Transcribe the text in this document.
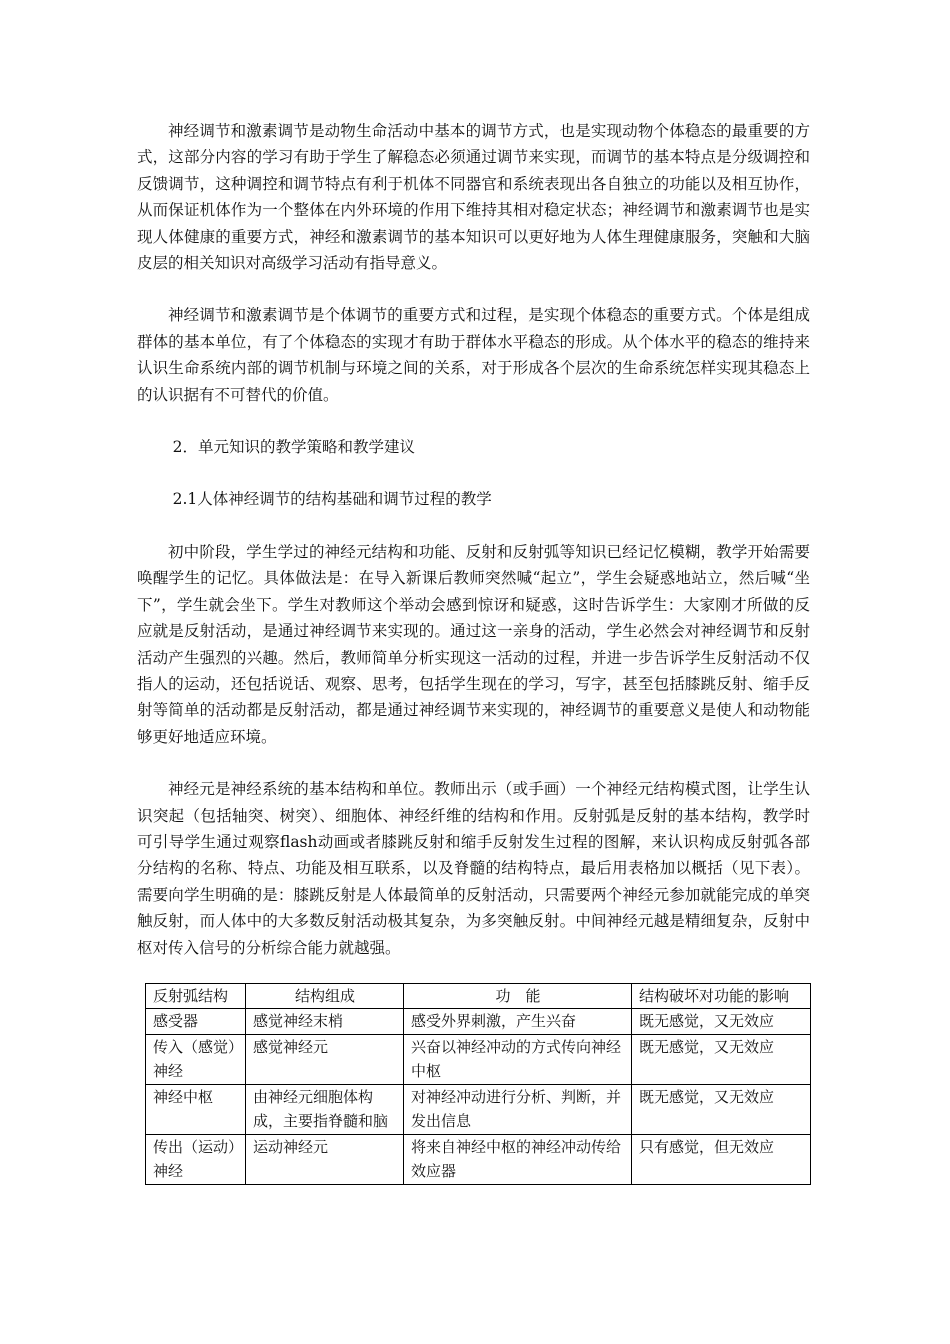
神经调节和激素调节是动物生命活动中基本的调节方式，也是实现动物个体稳态的最重要的方式，这部分内容的学习有助于学生了解稳态必须通过调节来实现，而调节的基本特点是分级调控和反馈调节，这种调控和调节特点有利于机体不同器官和系统表现出各自独立的功能以及相互协作，从而保证机体作为一个整体在内外环境的作用下维持其相对稳定状态；神经调节和激素调节也是实现人体健康的重要方式，神经和激素调节的基本知识可以更好地为人体生理健康服务，突触和大脑皮层的相关知识对高级学习活动有指导意义。

神经调节和激素调节是个体调节的重要方式和过程，是实现个体稳态的重要方式。个体是组成群体的基本单位，有了个体稳态的实现才有助于群体水平稳态的形成。从个体水平的稳态的维持来认识生命系统内部的调节机制与环境之间的关系，对于形成各个层次的生命系统怎样实现其稳态上的认识据有不可替代的价值。

2．单元知识的教学策略和教学建议

2.1人体神经调节的结构基础和调节过程的教学

初中阶段，学生学过的神经元结构和功能、反射和反射弧等知识已经记忆模糊，教学开始需要唤醒学生的记忆。具体做法是：在导入新课后教师突然喊“起立”，学生会疑惑地站立，然后喊“坐下”，学生就会坐下。学生对教师这个举动会感到惊讶和疑惑，这时告诉学生：大家刚才所做的反应就是反射活动，是通过神经调节来实现的。通过这一亲身的活动，学生必然会对神经调节和反射活动产生强烈的兴趣。然后，教师简单分析实现这一活动的过程，并进一步告诉学生反射活动不仅指人的运动，还包括说话、观察、思考，包括学生现在的学习，写字，甚至包括膝跳反射、缩手反射等简单的活动都是反射活动，都是通过神经调节来实现的，神经调节的重要意义是使人和动物能够更好地适应环境。

神经元是神经系统的基本结构和单位。教师出示（或手画）一个神经元结构模式图，让学生认识突起（包括轴突、树突）、细胞体、神经纤维的结构和作用。反射弧是反射的基本结构，教学时可引导学生通过观察flash动画或者膝跳反射和缩手反射发生过程的图解，来认识构成反射弧各部分结构的名称、特点、功能及相互联系，以及脊髓的结构特点，最后用表格加以概括（见下表）。需要向学生明确的是：膝跳反射是人体最简单的反射活动，只需要两个神经元参加就能完成的单突触反射，而人体中的大多数反射活动极其复杂，为多突触反射。中间神经元越是精细复杂，反射中枢对传入信号的分析综合能力就越强。

反射弧结构	结构组成	功　能	结构破坏对功能的影响
感受器	感觉神经末梢	感受外界刺激，产生兴奋	既无感觉，又无效应
传入（感觉）神经	感觉神经元	兴奋以神经冲动的方式传向神经中枢	既无感觉，又无效应
神经中枢	由神经元细胞体构成，主要指脊髓和脑	对神经冲动进行分析、判断，并发出信息	既无感觉，又无效应
传出（运动）神经	运动神经元	将来自神经中枢的神经冲动传给效应器	只有感觉，但无效应
